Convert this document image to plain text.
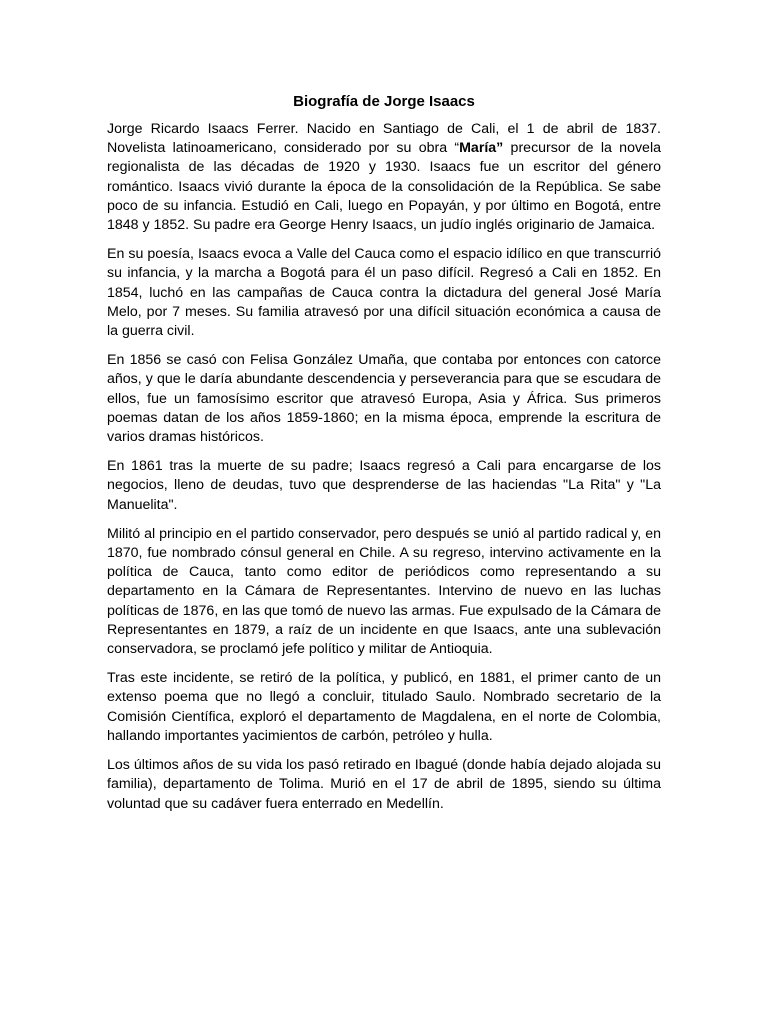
Biografía de Jorge Isaacs

Jorge Ricardo Isaacs Ferrer. Nacido en Santiago de Cali, el 1 de abril de 1837. Novelista latinoamericano, considerado por su obra “María” precursor de la novela regionalista de las décadas de 1920 y 1930. Isaacs fue un escritor del género romántico. Isaacs vivió durante la época de la consolidación de la República. Se sabe poco de su infancia. Estudió en Cali, luego en Popayán, y por último en Bogotá, entre 1848 y 1852. Su padre era George Henry Isaacs, un judío inglés originario de Jamaica.

En su poesía, Isaacs evoca a Valle del Cauca como el espacio idílico en que transcurrió su infancia, y la marcha a Bogotá para él un paso difícil. Regresó a Cali en 1852. En 1854, luchó en las campañas de Cauca contra la dictadura del general José María Melo, por 7 meses. Su familia atravesó por una difícil situación económica a causa de la guerra civil.

En 1856 se casó con Felisa González Umaña, que contaba por entonces con catorce años, y que le daría abundante descendencia y perseverancia para que se escudara de ellos, fue un famosísimo escritor que atravesó Europa, Asia y África. Sus primeros poemas datan de los años 1859-1860; en la misma época, emprende la escritura de varios dramas históricos.

En 1861 tras la muerte de su padre; Isaacs regresó a Cali para encargarse de los negocios, lleno de deudas, tuvo que desprenderse de las haciendas "La Rita" y "La Manuelita".

Militó al principio en el partido conservador, pero después se unió al partido radical y, en 1870, fue nombrado cónsul general en Chile. A su regreso, intervino activamente en la política de Cauca, tanto como editor de periódicos como representando a su departamento en la Cámara de Representantes. Intervino de nuevo en las luchas políticas de 1876, en las que tomó de nuevo las armas. Fue expulsado de la Cámara de Representantes en 1879, a raíz de un incidente en que Isaacs, ante una sublevación conservadora, se proclamó jefe político y militar de Antioquia.

Tras este incidente, se retiró de la política, y publicó, en 1881, el primer canto de un extenso poema que no llegó a concluir, titulado Saulo. Nombrado secretario de la Comisión Científica, exploró el departamento de Magdalena, en el norte de Colombia, hallando importantes yacimientos de carbón, petróleo y hulla.

Los últimos años de su vida los pasó retirado en Ibagué (donde había dejado alojada su familia), departamento de Tolima. Murió en el 17 de abril de 1895, siendo su última voluntad que su cadáver fuera enterrado en Medellín.
